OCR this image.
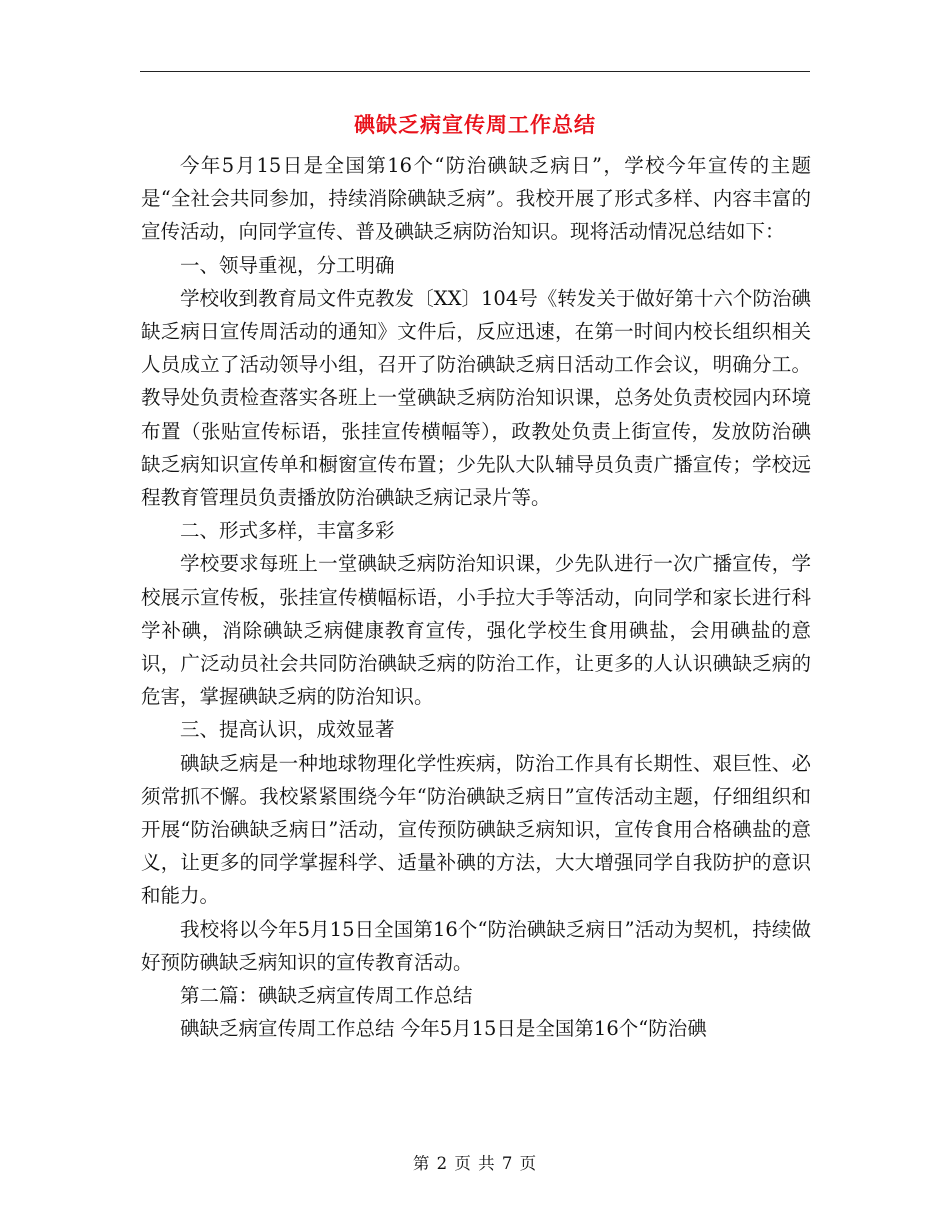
碘缺乏病宣传周工作总结

今年5月15日是全国第16个“防治碘缺乏病日”，学校今年宣传的主题是“全社会共同参加，持续消除碘缺乏病”。我校开展了形式多样、内容丰富的宣传活动，向同学宣传、普及碘缺乏病防治知识。现将活动情况总结如下：

一、领导重视，分工明确

学校收到教育局文件克教发〔XX〕104号《转发关于做好第十六个防治碘缺乏病日宣传周活动的通知》文件后，反应迅速，在第一时间内校长组织相关人员成立了活动领导小组，召开了防治碘缺乏病日活动工作会议，明确分工。教导处负责检查落实各班上一堂碘缺乏病防治知识课，总务处负责校园内环境布置（张贴宣传标语，张挂宣传横幅等），政教处负责上街宣传，发放防治碘缺乏病知识宣传单和橱窗宣传布置；少先队大队辅导员负责广播宣传；学校远程教育管理员负责播放防治碘缺乏病记录片等。

二、形式多样，丰富多彩

学校要求每班上一堂碘缺乏病防治知识课，少先队进行一次广播宣传，学校展示宣传板，张挂宣传横幅标语，小手拉大手等活动，向同学和家长进行科学补碘，消除碘缺乏病健康教育宣传，强化学校生食用碘盐，会用碘盐的意识，广泛动员社会共同防治碘缺乏病的防治工作，让更多的人认识碘缺乏病的危害，掌握碘缺乏病的防治知识。

三、提高认识，成效显著

碘缺乏病是一种地球物理化学性疾病，防治工作具有长期性、艰巨性、必须常抓不懈。我校紧紧围绕今年“防治碘缺乏病日”宣传活动主题，仔细组织和开展“防治碘缺乏病日”活动，宣传预防碘缺乏病知识，宣传食用合格碘盐的意义，让更多的同学掌握科学、适量补碘的方法，大大增强同学自我防护的意识和能力。

我校将以今年5月15日全国第16个“防治碘缺乏病日”活动为契机，持续做好预防碘缺乏病知识的宣传教育活动。

第二篇：碘缺乏病宣传周工作总结

碘缺乏病宣传周工作总结 今年5月15日是全国第16个“防治碘

第 2 页 共 7 页
